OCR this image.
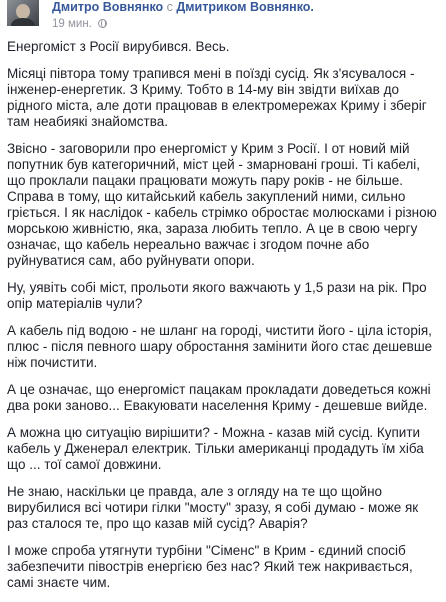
Дмитро Вовнянко с Дмитриком Вовнянко.
19 мин.

Енергоміст з Росії вирубився. Весь.

Місяці півтора тому трапився мені в поїзді сусід. Як з'ясувалося - інженер-енергетик. З Криму. Тобто в 14-му він звідти виїхав до рідного міста, але доти працював в електромережах Криму і зберіг там неабиякі знайомства.

Звісно - заговорили про енергоміст у Крим з Росії. І от новий мій попутник був категоричний, міст цей - змарновані гроші. Ті кабелі, що проклали пацаки працювати можуть пару років - не більше. Справа в тому, що китайський кабель закуплений ними, сильно гріється. І як наслідок - кабель стрімко обростає молюсками і різною морською живністю, яка, зараза любить тепло. А це в свою чергу означає, що кабель нереально важчає і згодом почне або руйнуватися сам, або руйнувати опори.

Ну, уявіть собі міст, прольоти якого важчають у 1,5 рази на рік. Про опір матеріалів чули?

А кабель під водою - не шланг на городі, чистити його - ціла історія, плюс - після певного шару обростання замінити його стає дешевше ніж почистити.

А це означає, що енергоміст пацакам прокладати доведеться кожні два роки заново... Евакуювати населення Криму - дешевше вийде.

А можна цю ситуацію вирішити? - Можна - казав мій сусід. Купити кабель у Дженерал електрик. Тільки американці продадуть їм хіба що ... тої самої довжини.

Не знаю, наскільки це правда, але з огляду на те що щойно вирубилися всі чотири гілки "мосту" зразу, я собі думаю - може як раз сталося те, про що казав мій сусід? Аварія?

І може спроба утягнути турбіни "Сіменс" в Крим - єдиний спосіб забезпечити півострів енергією без нас? Який теж накривається, самі знаєте чим.
